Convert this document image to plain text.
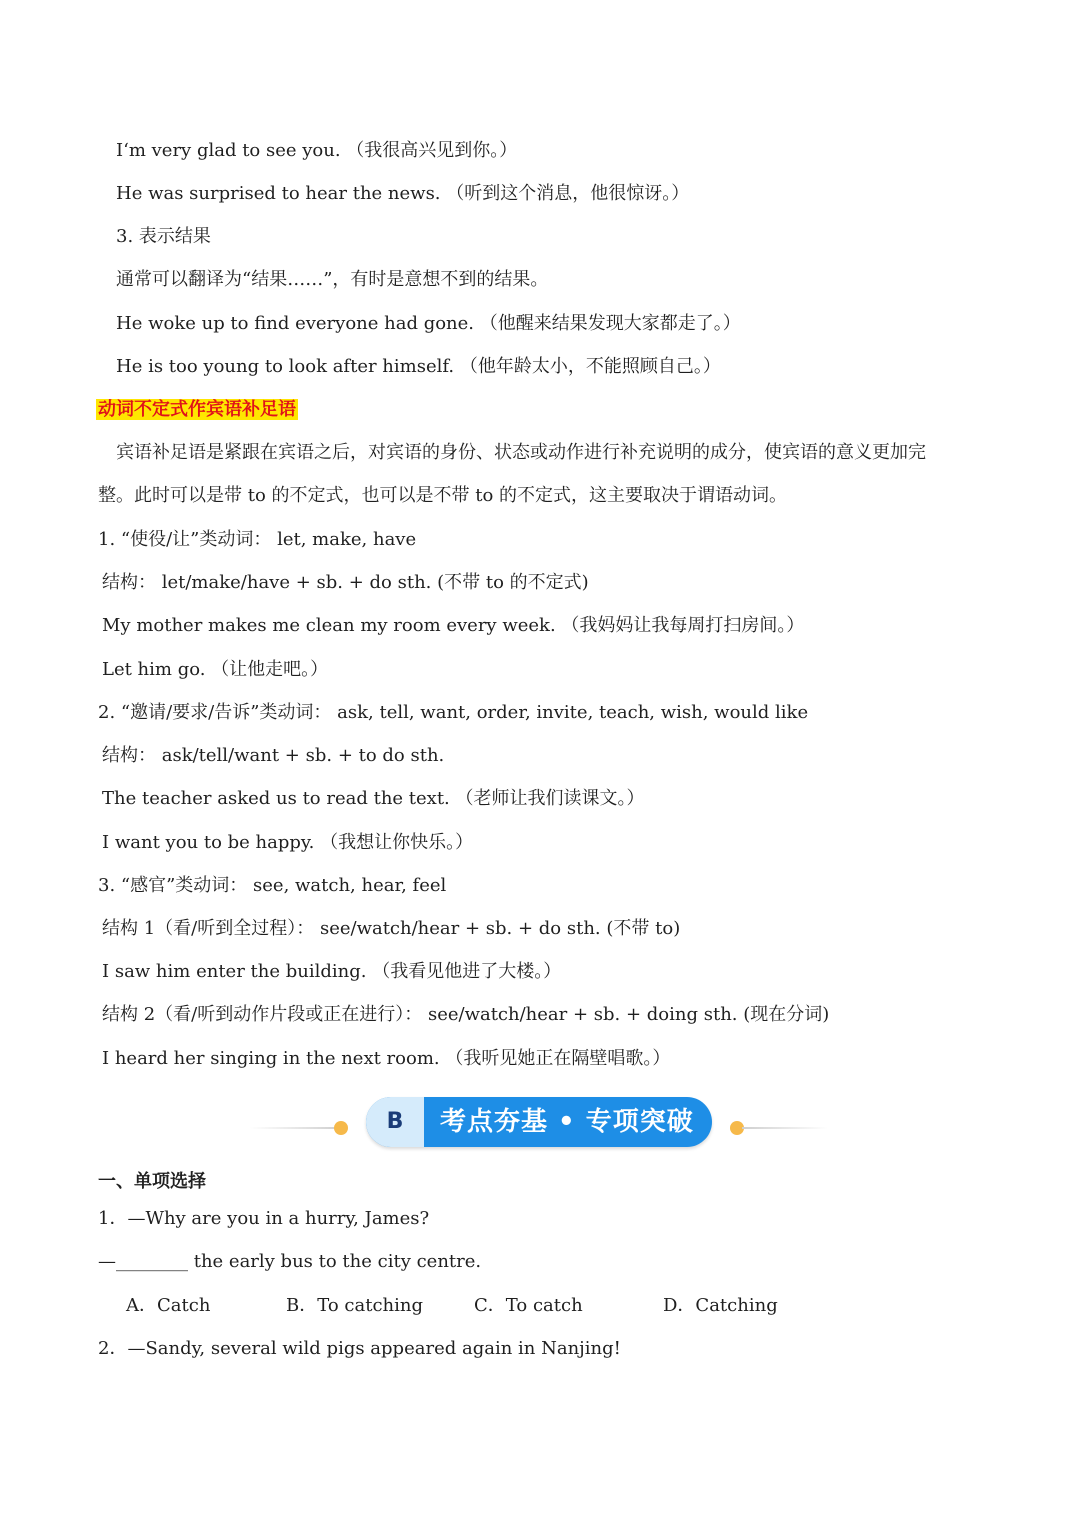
I‘m very glad to see you. （我很高兴见到你。）
He was surprised to hear the news. （听到这个消息，他很惊讶。）
3. 表示结果
通常可以翻译为“结果……”，有时是意想不到的结果。
He woke up to find everyone had gone. （他醒来结果发现大家都走了。）
He is too young to look after himself. （他年龄太小，不能照顾自己。）
动词不定式作宾语补足语
宾语补足语是紧跟在宾语之后，对宾语的身份、状态或动作进行补充说明的成分，使宾语的意义更加完
整。此时可以是带 to 的不定式，也可以是不带 to 的不定式，这主要取决于谓语动词。
1. “使役/让”类动词： let, make, have
结构： let/make/have + sb. + do sth. (不带 to 的不定式)
My mother makes me clean my room every week. （我妈妈让我每周打扫房间。）
Let him go. （让他走吧。）
2. “邀请/要求/告诉”类动词： ask, tell, want, order, invite, teach, wish, would like
结构： ask/tell/want + sb. + to do sth.
The teacher asked us to read the text. （老师让我们读课文。）
I want you to be happy. （我想让你快乐。）
3. “感官”类动词： see, watch, hear, feel
结构 1（看/听到全过程）： see/watch/hear + sb. + do sth. (不带 to)
I saw him enter the building. （我看见他进了大楼。）
结构 2（看/听到动作片段或正在进行）： see/watch/hear + sb. + doing sth. (现在分词)
I heard her singing in the next room. （我听见她正在隔壁唱歌。）
B	考点夯基 • 专项突破
一、单项选择
1．—Why are you in a hurry, James?
—________ the early bus to the city centre.
A．Catch	B．To catching	C．To catch	D．Catching
2．—Sandy, several wild pigs appeared again in Nanjing!
